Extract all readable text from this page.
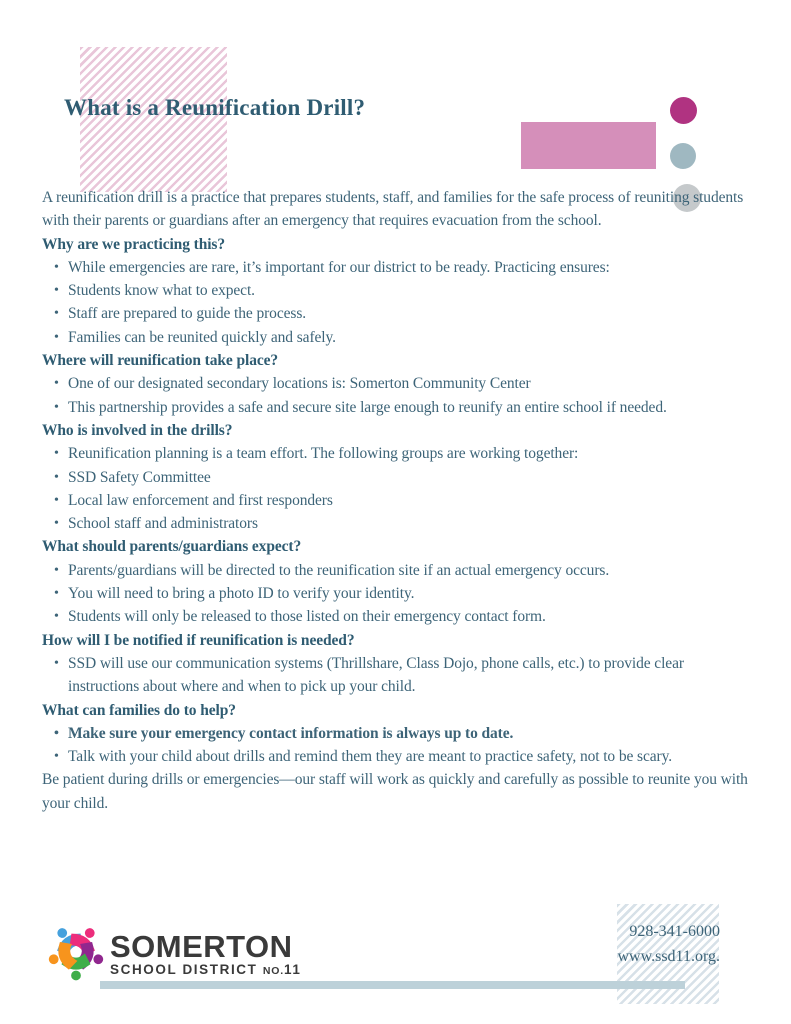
What is a Reunification Drill?

A reunification drill is a practice that prepares students, staff, and families for the safe process of reuniting students with their parents or guardians after an emergency that requires evacuation from the school.

Why are we practicing this?
• While emergencies are rare, it’s important for our district to be ready. Practicing ensures:
• Students know what to expect.
• Staff are prepared to guide the process.
• Families can be reunited quickly and safely.
Where will reunification take place?
• One of our designated secondary locations is: Somerton Community Center
• This partnership provides a safe and secure site large enough to reunify an entire school if needed.
Who is involved in the drills?
• Reunification planning is a team effort. The following groups are working together:
• SSD Safety Committee
• Local law enforcement and first responders
• School staff and administrators
What should parents/guardians expect?
• Parents/guardians will be directed to the reunification site if an actual emergency occurs.
• You will need to bring a photo ID to verify your identity.
• Students will only be released to those listed on their emergency contact form.
How will I be notified if reunification is needed?
• SSD will use our communication systems (Thrillshare, Class Dojo, phone calls, etc.) to provide clear instructions about where and when to pick up your child.
What can families do to help?
• Make sure your emergency contact information is always up to date.
• Talk with your child about drills and remind them they are meant to practice safety, not to be scary.

Be patient during drills or emergencies—our staff will work as quickly and carefully as possible to reunite you with your child.

928-341-6000
www.ssd11.org.
SOMERTON
SCHOOL DISTRICT NO.11
